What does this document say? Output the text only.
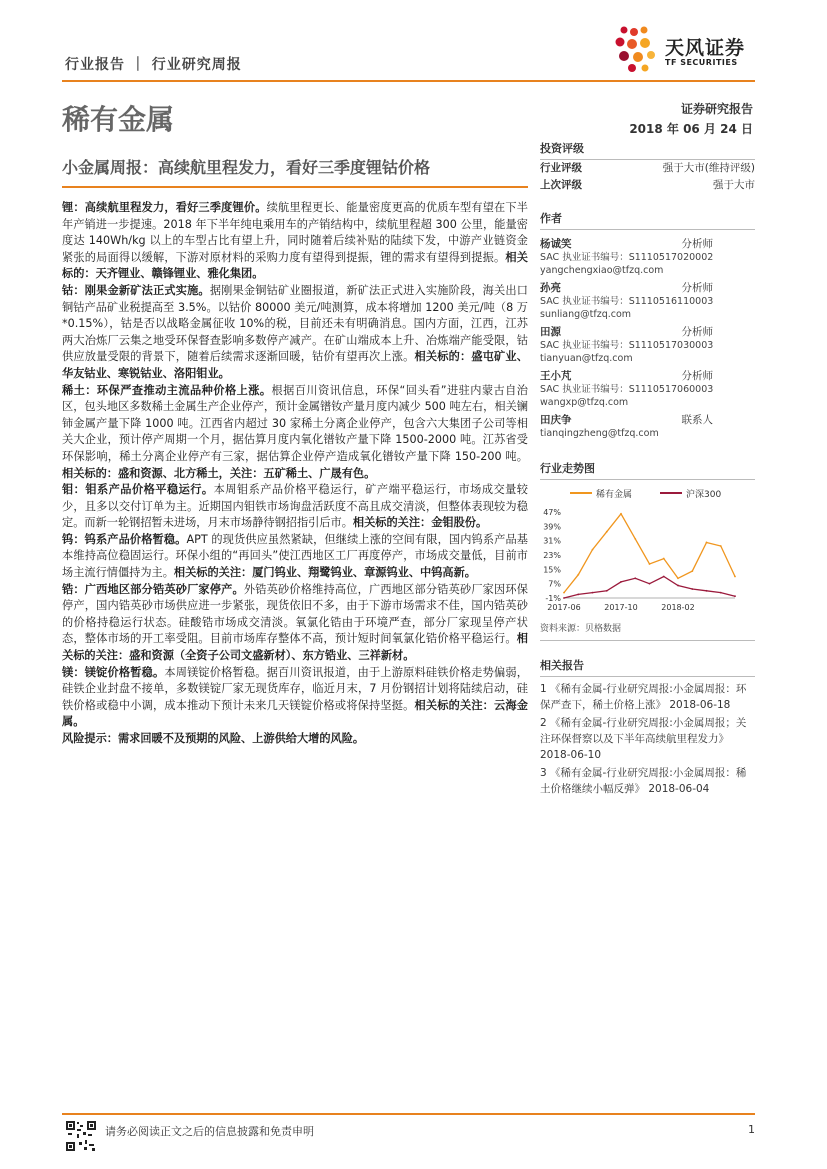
天风证券
TF SECURITIES
行业报告 ｜ 行业研究周报
稀有金属	证券研究报告
2018 年 06 月 24 日
小金属周报：高续航里程发力，看好三季度锂钴价格

锂：高续航里程发力，看好三季度锂价。续航里程更长、能量密度更高的优质车型有望在下半年产销进一步提速。2018 年下半年纯电乘用车的产销结构中，续航里程超 300 公里，能量密度达 140Wh/kg 以上的车型占比有望上升，同时随着后续补贴的陆续下发，中游产业链资金紧张的局面得以缓解，下游对原材料的采购力度有望得到提振，锂的需求有望得到提振。相关标的：天齐锂业、赣锋锂业、雅化集团。

钴：刚果金新矿法正式实施。据刚果金铜钴矿业圈报道，新矿法正式进入实施阶段，海关出口铜钴产品矿业税提高至 3.5%。以钴价 80000 美元/吨测算，成本将增加 1200 美元/吨（8 万*0.15%），钴是否以战略金属征收 10%的税，目前还未有明确消息。国内方面，江西，江苏两大冶炼厂云集之地受环保督查影响多数停产减产。在矿山端成本上升、冶炼端产能受限，钴供应放量受限的背景下，随着后续需求逐渐回暖，钴价有望再次上涨。相关标的：盛屯矿业、华友钴业、寒锐钴业、洛阳钼业。

稀土：环保严查推动主流品种价格上涨。根据百川资讯信息，环保“回头看”进驻内蒙古自治区，包头地区多数稀土金属生产企业停产，预计金属镨钕产量月度内减少 500 吨左右，相关镧铈金属产量下降 1000 吨。江西省内超过 30 家稀土分离企业停产，包含六大集团子公司等相关大企业，预计停产周期一个月，据估算月度内氧化镨钕产量下降 1500-2000 吨。江苏省受环保影响，稀土分离企业停产有三家，据估算企业停产造成氧化镨钕产量下降 150-200 吨。相关标的：盛和资源、北方稀土，关注：五矿稀土、广晟有色。

钼：钼系产品价格平稳运行。本周钼系产品价格平稳运行，矿产端平稳运行，市场成交量较少，且多以交付订单为主。近期国内钼铁市场询盘活跃度不高且成交清淡，但整体表现较为稳定。而新一轮钢招暂未进场，月末市场静待钢招指引后市。相关标的关注：金钼股份。

钨：钨系产品价格暂稳。APT 的现货供应虽然紧缺，但继续上涨的空间有限，国内钨系产品基本维持高位稳固运行。环保小组的“再回头”使江西地区工厂再度停产，市场成交量低，目前市场主流行情僵持为主。相关标的关注：厦门钨业、翔鹭钨业、章源钨业、中钨高新。

锆：广西地区部分锆英砂厂家停产。外锆英砂价格维持高位，广西地区部分锆英砂厂家因环保停产，国内锆英砂市场供应进一步紧张，现货依旧不多，由于下游市场需求不佳，国内锆英砂的价格持稳运行状态。硅酸锆市场成交清淡。氧氯化锆由于环境严查，部分厂家现呈停产状态，整体市场的开工率受阻。目前市场库存整体不高，预计短时间氧氯化锆价格平稳运行。相关标的关注：盛和资源（全资子公司文盛新材）、东方锆业、三祥新材。

镁：镁锭价格暂稳。本周镁锭价格暂稳。据百川资讯报道，由于上游原料硅铁价格走势偏弱，硅铁企业封盘不接单，多数镁锭厂家无现货库存，临近月末，7 月份钢招计划将陆续启动，硅铁价格或稳中小调，成本推动下预计未来几天镁锭价格或将保持坚挺。相关标的关注：云海金属。

风险提示：需求回暖不及预期的风险、上游供给大增的风险。

投资评级
行业评级	强于大市(维持评级)
上次评级	强于大市
作者
杨诚笑	分析师
SAC 执业证书编号：S1110517020002
yangchengxiao@tfzq.com
孙亮	分析师
SAC 执业证书编号：S1110516110003
sunliang@tfzq.com
田源	分析师
SAC 执业证书编号：S1110517030003
tianyuan@tfzq.com
王小芃	分析师
SAC 执业证书编号：S1110517060003
wangxp@tfzq.com
田庆争	联系人
tianqingzheng@tfzq.com
行业走势图
稀有金属	沪深300
-1%
7%
15%
23%
31%
39%
47%
2017-06	2017-10	2018-02
资料来源：贝格数据
相关报告
1 《稀有金属-行业研究周报:小金属周报：环保严查下，稀土价格上涨》 2018-06-18
2 《稀有金属-行业研究周报:小金属周报；关注环保督察以及下半年高续航里程发力》 2018-06-10
3 《稀有金属-行业研究周报:小金属周报：稀土价格继续小幅反弹》 2018-06-04
请务必阅读正文之后的信息披露和免责申明	1
